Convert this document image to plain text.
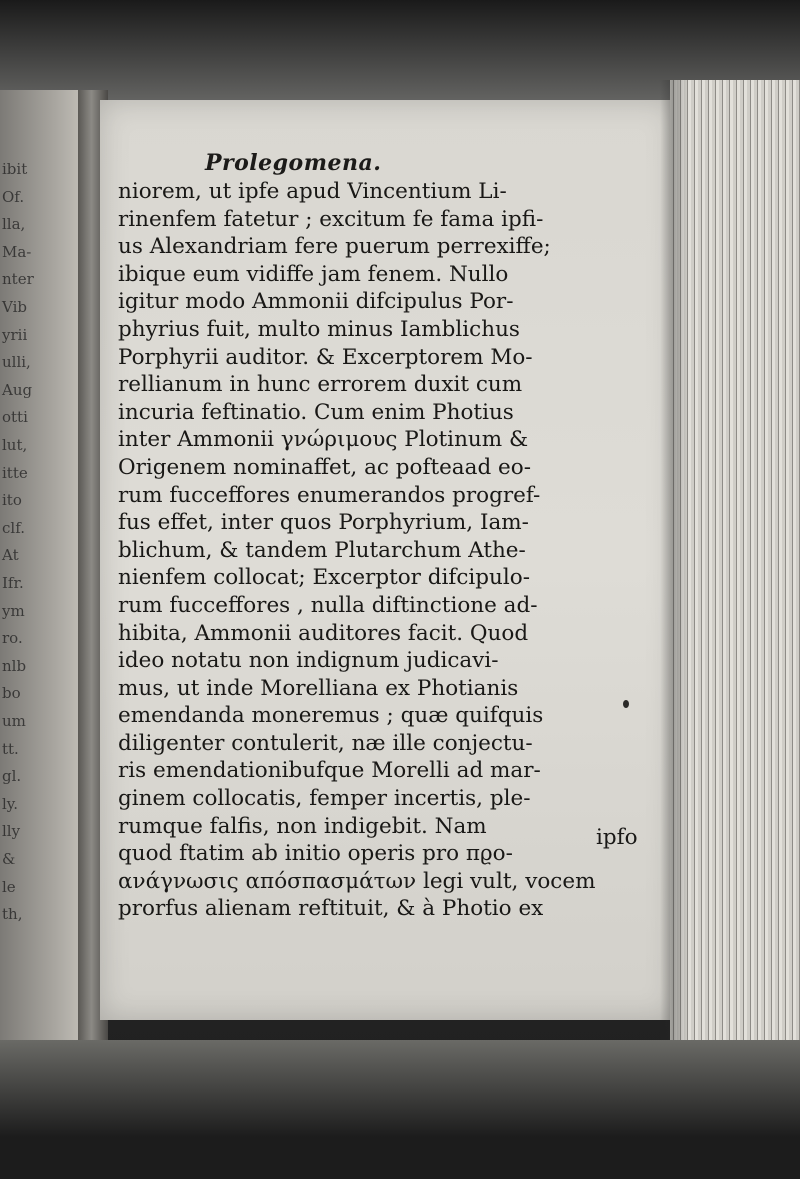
ibit
Of.
lla,
Ma-
nter
Vib
yrii
ulli,
Aug
otti
lut,
itte
ito
clf.
At
Ifr.
ym
ro.
nlb
bo
um
tt.
gl.
ly.
lly
&
le
th,
Prolegomena.
niorem, ut ipfe apud Vincentium Li-
rinenfem fatetur ; excitum fe fama ipfi-
us Alexandriam fere puerum perrexiffe;
ibique eum vidiffe jam fenem. Nullo
igitur modo Ammonii difcipulus Por-
phyrius fuit, multo minus Iamblichus
Porphyrii auditor. & Excerptorem Mo-
rellianum in hunc errorem duxit cum
incuria feftinatio. Cum enim Photius
inter Ammonii γνώριμους Plotinum &
Origenem nominaffet, ac pofteaad eo-
rum fucceffores enumerandos progref-
fus effet, inter quos Porphyrium, Iam-
blichum, & tandem Plutarchum Athe-
nienfem collocat; Excerptor difcipulo-
rum fucceffores , nulla diftinctione ad-
hibita, Ammonii auditores facit. Quod
ideo notatu non indignum judicavi-
mus, ut inde Morelliana ex Photianis
emendanda moneremus ; quæ quifquis
diligenter contulerit, næ ille conjectu-
ris emendationibufque Morelli ad mar-
ginem collocatis, femper incertis, ple-
rumque falfis, non indigebit. Nam
quod ftatim ab initio operis pro πϱο-
ανάγνωσις απόσπασμάτων legi vult, vocem
prorfus alienam reftituit, & à Photio ex
ipfo
